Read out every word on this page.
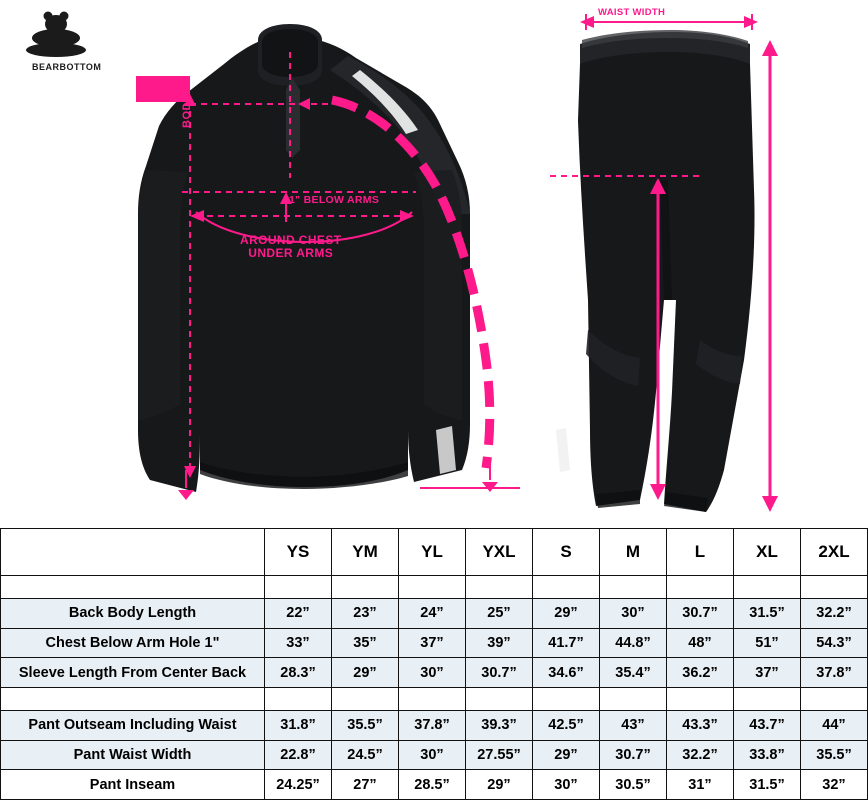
BEARBOTTOM
BODY
1" BELOW ARMS
AROUND CHEST
UNDER ARMS
SLEEVE
LENGTH
WAIST WIDTH
	YS	YM	YL	YXL	S	M	L	XL	2XL

Back Body Length	22”	23”	24”	25”	29”	30”	30.7”	31.5”	32.2”
Chest Below Arm Hole 1"	33”	35”	37”	39”	41.7”	44.8”	48”	51”	54.3”
Sleeve Length From Center Back	28.3”	29”	30”	30.7”	34.6”	35.4”	36.2”	37”	37.8”

Pant Outseam Including Waist	31.8”	35.5”	37.8”	39.3”	42.5”	43”	43.3”	43.7”	44”
Pant Waist Width	22.8”	24.5”	30”	27.55”	29”	30.7”	32.2”	33.8”	35.5”
Pant Inseam	24.25”	27”	28.5”	29”	30”	30.5”	31”	31.5”	32”
